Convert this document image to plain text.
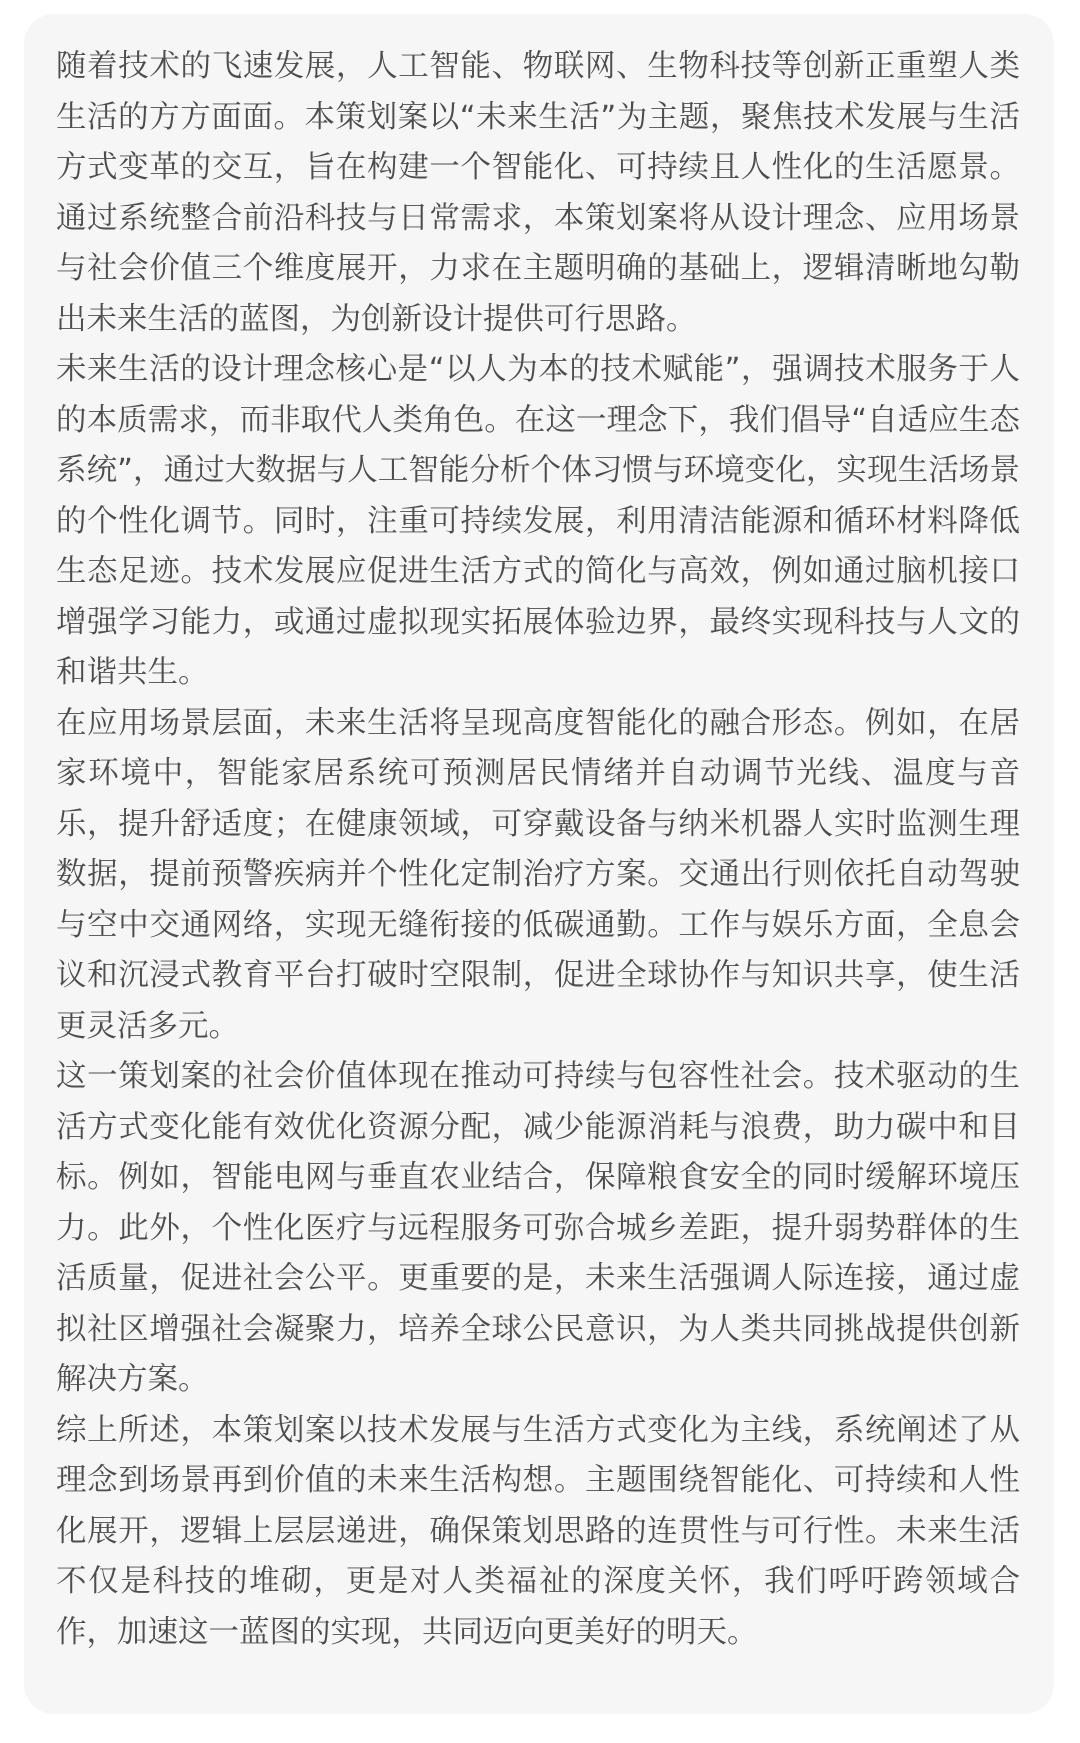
随着技术的飞速发展，人工智能、物联网、生物科技等创新正重塑人类生活的方方面面。本策划案以“未来生活”为主题，聚焦技术发展与生活方式变革的交互，旨在构建一个智能化、可持续且人性化的生活愿景。通过系统整合前沿科技与日常需求，本策划案将从设计理念、应用场景与社会价值三个维度展开，力求在主题明确的基础上，逻辑清晰地勾勒出未来生活的蓝图，为创新设计提供可行思路。

未来生活的设计理念核心是“以人为本的技术赋能”，强调技术服务于人的本质需求，而非取代人类角色。在这一理念下，我们倡导“自适应生态系统”，通过大数据与人工智能分析个体习惯与环境变化，实现生活场景的个性化调节。同时，注重可持续发展，利用清洁能源和循环材料降低生态足迹。技术发展应促进生活方式的简化与高效，例如通过脑机接口增强学习能力，或通过虚拟现实拓展体验边界，最终实现科技与人文的和谐共生。

在应用场景层面，未来生活将呈现高度智能化的融合形态。例如，在居家环境中，智能家居系统可预测居民情绪并自动调节光线、温度与音乐，提升舒适度；在健康领域，可穿戴设备与纳米机器人实时监测生理数据，提前预警疾病并个性化定制治疗方案。交通出行则依托自动驾驶与空中交通网络，实现无缝衔接的低碳通勤。工作与娱乐方面，全息会议和沉浸式教育平台打破时空限制，促进全球协作与知识共享，使生活更灵活多元。

这一策划案的社会价值体现在推动可持续与包容性社会。技术驱动的生活方式变化能有效优化资源分配，减少能源消耗与浪费，助力碳中和目标。例如，智能电网与垂直农业结合，保障粮食安全的同时缓解环境压力。此外，个性化医疗与远程服务可弥合城乡差距，提升弱势群体的生活质量，促进社会公平。更重要的是，未来生活强调人际连接，通过虚拟社区增强社会凝聚力，培养全球公民意识，为人类共同挑战提供创新解决方案。

综上所述，本策划案以技术发展与生活方式变化为主线，系统阐述了从理念到场景再到价值的未来生活构想。主题围绕智能化、可持续和人性化展开，逻辑上层层递进，确保策划思路的连贯性与可行性。未来生活不仅是科技的堆砌，更是对人类福祉的深度关怀，我们呼吁跨领域合作，加速这一蓝图的实现，共同迈向更美好的明天。
